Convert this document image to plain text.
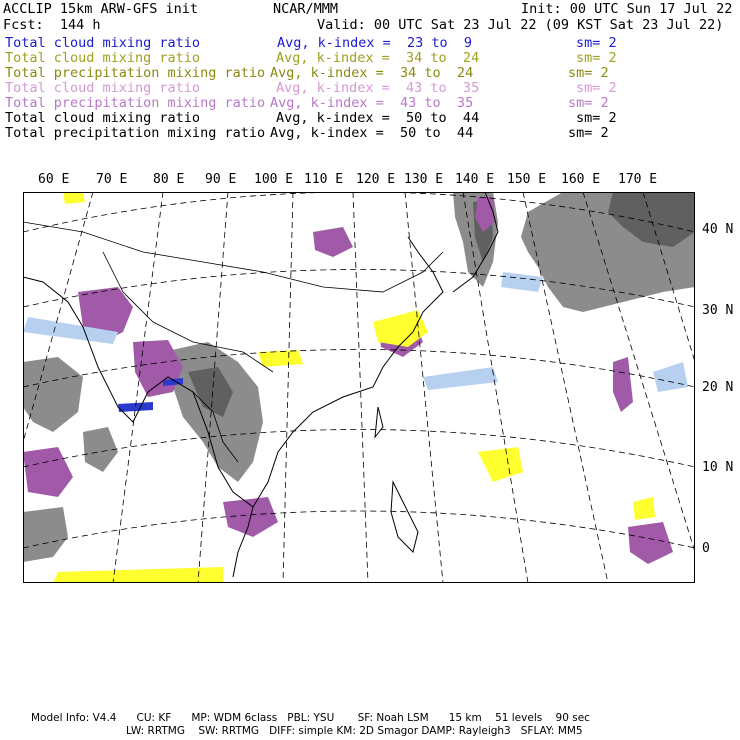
ACCLIP 15km ARW-GFS init	NCAR/MMM	Init: 00 UTC Sun 17 Jul 22
Fcst:  144 h	Valid: 00 UTC Sat 23 Jul 22 (09 KST Sat 23 Jul 22)
Total cloud mixing ratio	Avg, k-index =  23 to  9	sm= 2
Total cloud mixing ratio	Avg, k-index =  34 to  24	sm= 2
Total precipitation mixing ratio Avg, k-index =  34 to  24	sm= 2
Total cloud mixing ratio	Avg, k-index =  43 to  35	sm= 2
Total precipitation mixing ratio Avg, k-index =  43 to  35	sm= 2
Total cloud mixing ratio	Avg, k-index =  50 to  44	sm= 2
Total precipitation mixing ratio Avg, k-index =  50 to  44	sm= 2
60 E 70 E 80 E 90 E 100 E 110 E 120 E 130 E 140 E 150 E 160 E 170 E
40 N
30 N
20 N
10 N
0
Model Info: V4.4      CU: KF      MP: WDM 6class   PBL: YSU       SF: Noah LSM      15 km    51 levels    90 sec
LW: RRTMG    SW: RRTMG   DIFF: simple KM: 2D Smagor DAMP: Rayleigh3   SFLAY: MM5
